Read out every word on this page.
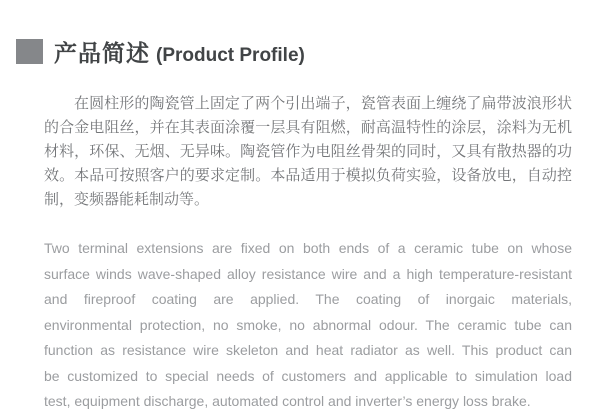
产品简述 (Product Profile)
在圆柱形的陶瓷管上固定了两个引出端子，瓷管表面上缠绕了扁带波浪形状
的合金电阻丝，并在其表面涂覆一层具有阻燃，耐高温特性的涂层，涂料为无机
材料，环保、无烟、无异味。陶瓷管作为电阻丝骨架的同时，又具有散热器的功
效。本品可按照客户的要求定制。本品适用于模拟负荷实验，设备放电，自动控
制，变频器能耗制动等。
Two terminal extensions are fixed on both ends of a ceramic tube on whose
surface winds wave-shaped alloy resistance wire and a high temperature-resistant
and fireproof coating are applied. The coating of inorgaic materials,
environmental protection, no smoke, no abnormal odour. The ceramic tube can
function as resistance wire skeleton and heat radiator as well. This product can
be customized to special needs of customers and applicable to simulation load
test, equipment discharge, automated control and inverter’s energy loss brake.
